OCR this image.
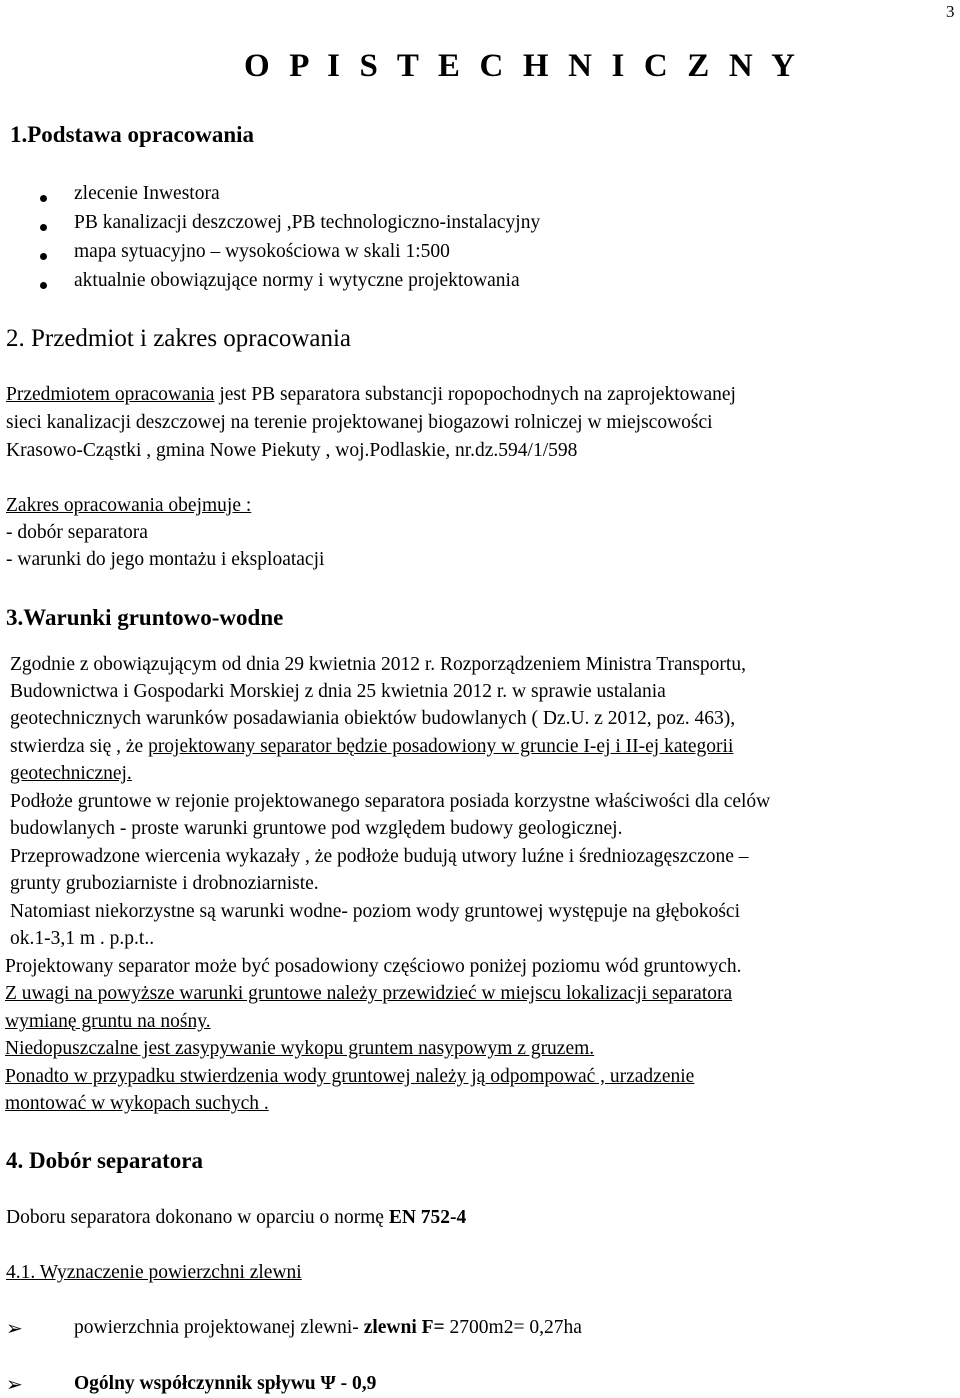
3
O P I S T E C H N I C Z N Y
1.Podstawa opracowania
zlecenie Inwestora
PB kanalizacji deszczowej ,PB technologiczno-instalacyjny
mapa sytuacyjno – wysokościowa w skali 1:500
aktualnie obowiązujące normy i wytyczne projektowania
2. Przedmiot i zakres opracowania
Przedmiotem opracowania jest PB separatora substancji ropopochodnych na zaprojektowanej
sieci kanalizacji deszczowej na terenie projektowanej biogazowi rolniczej w miejscowości
Krasowo-Cząstki , gmina Nowe Piekuty , woj.Podlaskie, nr.dz.594/1/598
Zakres opracowania obejmuje :
- dobór separatora
- warunki do jego montażu i eksploatacji
3.Warunki gruntowo-wodne
Zgodnie z obowiązującym od dnia 29 kwietnia 2012 r. Rozporządzeniem Ministra Transportu,
Budownictwa i Gospodarki Morskiej z dnia 25 kwietnia 2012 r. w sprawie ustalania
geotechnicznych warunków posadawiania obiektów budowlanych ( Dz.U. z 2012, poz. 463),
stwierdza się , że projektowany separator będzie posadowiony w gruncie I-ej i II-ej kategorii
geotechnicznej.
Podłoże gruntowe w rejonie projektowanego separatora posiada korzystne właściwości dla celów
budowlanych - proste warunki gruntowe pod względem budowy geologicznej.
Przeprowadzone wiercenia wykazały , że podłoże budują utwory luźne i średniozagęszczone –
grunty gruboziarniste i drobnoziarniste.
Natomiast niekorzystne są warunki wodne- poziom wody gruntowej występuje na głębokości
ok.1-3,1 m . p.p.t..
Projektowany separator może być posadowiony częściowo poniżej poziomu wód gruntowych.
Z uwagi na powyższe warunki gruntowe należy przewidzieć w miejscu lokalizacji separatora
wymianę gruntu na nośny.
Niedopuszczalne jest zasypywanie wykopu gruntem nasypowym z gruzem.
Ponadto w przypadku stwierdzenia wody gruntowej należy ją odpompować , urzadzenie
montować w wykopach suchych .
4. Dobór separatora
Doboru separatora dokonano w oparciu o normę EN 752-4
4.1. Wyznaczenie powierzchni zlewni
➢	powierzchnia projektowanej zlewni- zlewni F= 2700m2= 0,27ha
➢	Ogólny współczynnik spływu Ψ - 0,9
